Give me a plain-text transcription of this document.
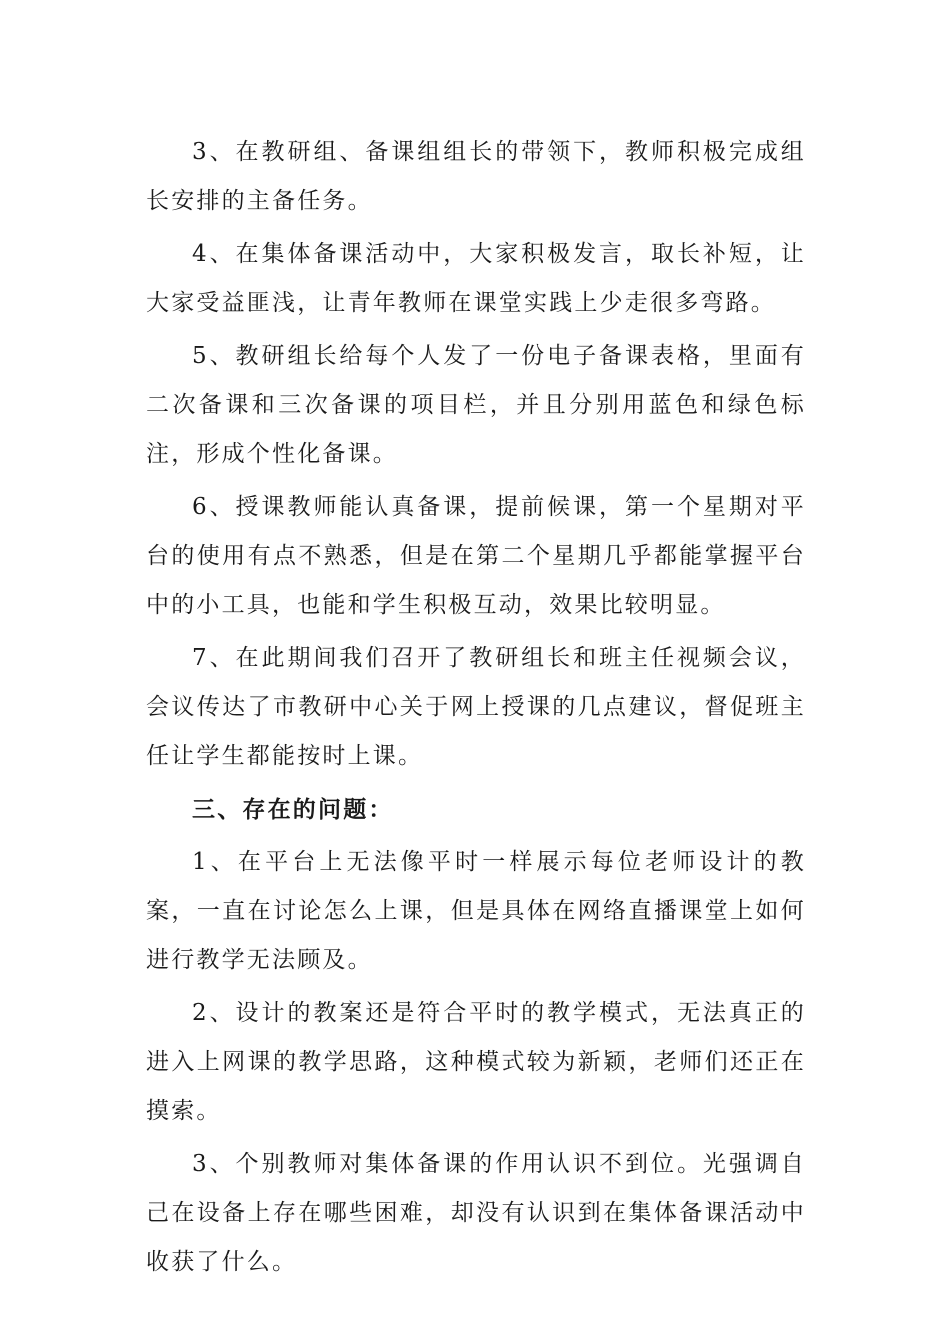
3、在教研组、备课组组长的带领下，教师积极完成组长安排的主备任务。

4、在集体备课活动中，大家积极发言，取长补短，让大家受益匪浅，让青年教师在课堂实践上少走很多弯路。

5、教研组长给每个人发了一份电子备课表格，里面有二次备课和三次备课的项目栏，并且分别用蓝色和绿色标注，形成个性化备课。

6、授课教师能认真备课，提前候课，第一个星期对平台的使用有点不熟悉，但是在第二个星期几乎都能掌握平台中的小工具，也能和学生积极互动，效果比较明显。

7、在此期间我们召开了教研组长和班主任视频会议，会议传达了市教研中心关于网上授课的几点建议，督促班主任让学生都能按时上课。

三、存在的问题：

1、在平台上无法像平时一样展示每位老师设计的教案，一直在讨论怎么上课，但是具体在网络直播课堂上如何进行教学无法顾及。

2、设计的教案还是符合平时的教学模式，无法真正的进入上网课的教学思路，这种模式较为新颖，老师们还正在摸索。

3、个别教师对集体备课的作用认识不到位。光强调自己在设备上存在哪些困难，却没有认识到在集体备课活动中收获了什么。
